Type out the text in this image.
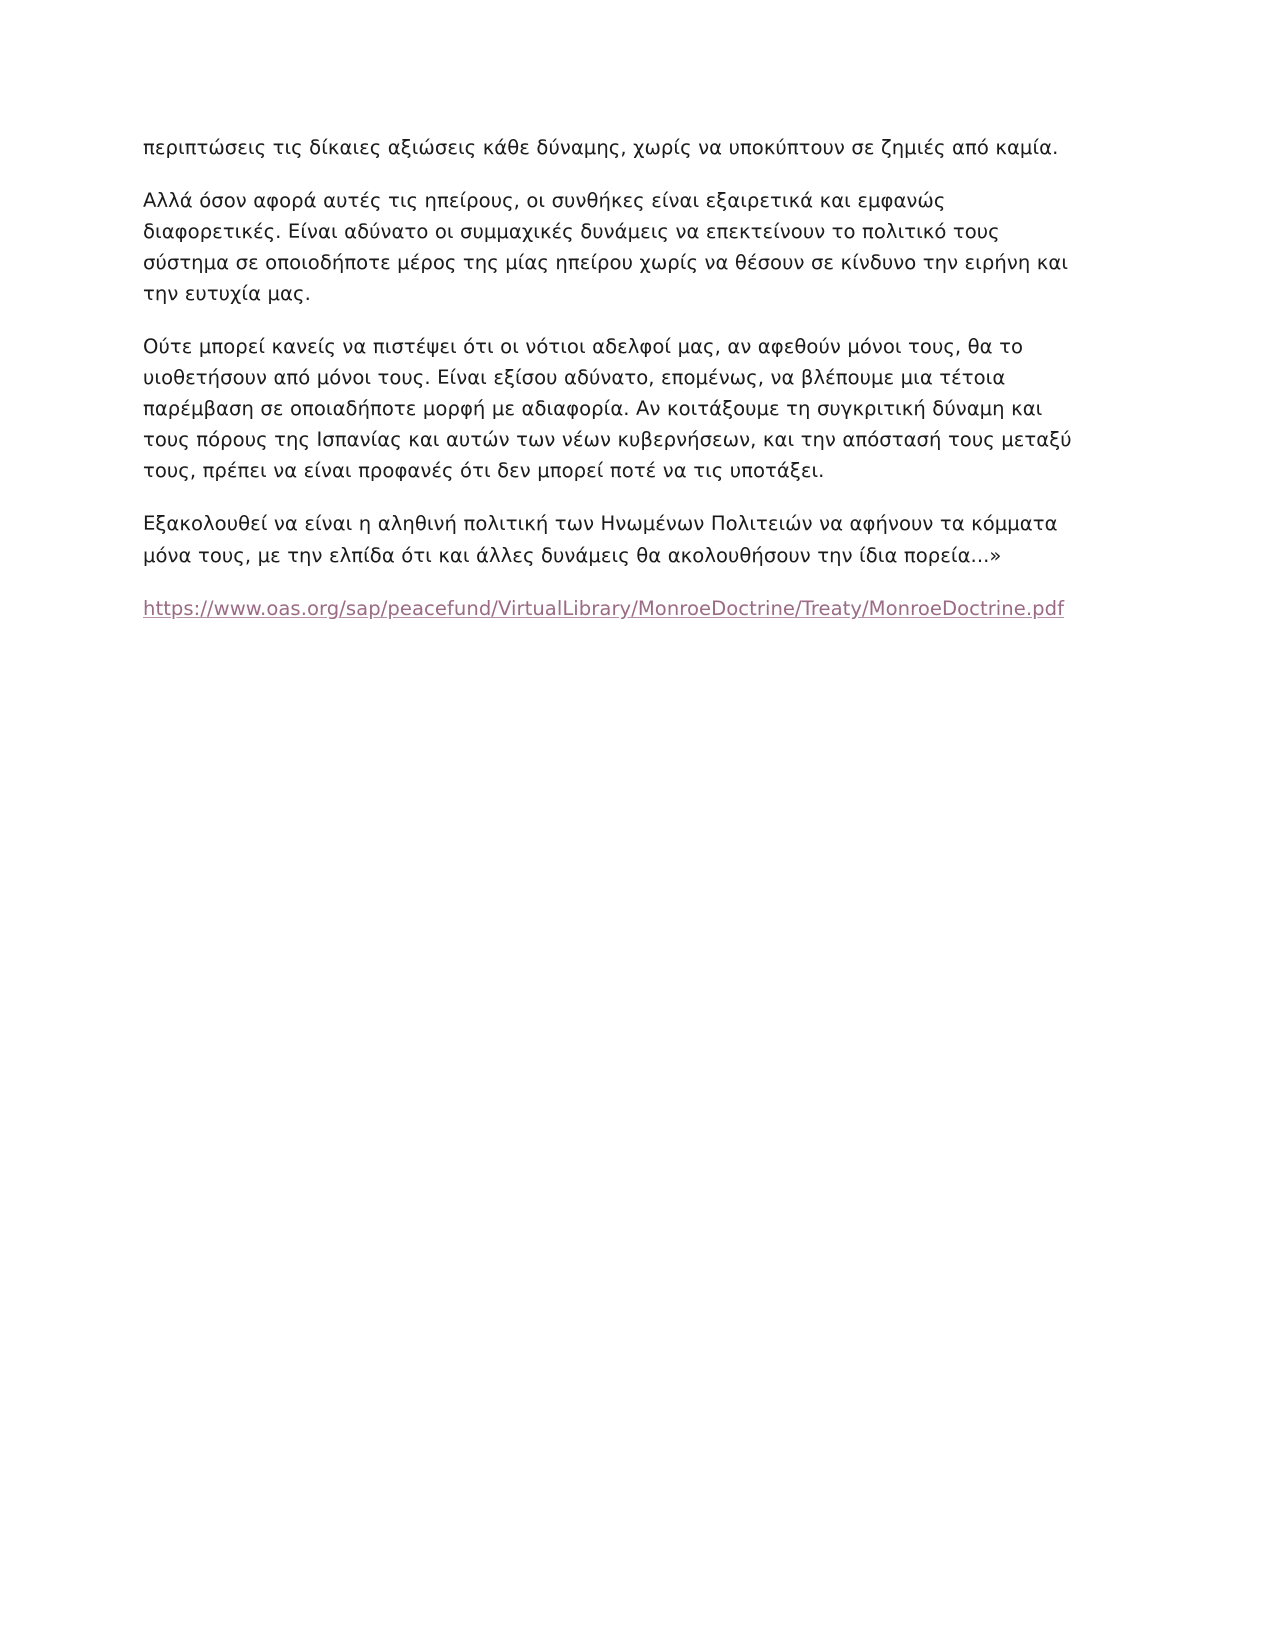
περιπτώσεις τις δίκαιες αξιώσεις κάθε δύναμης, χωρίς να υποκύπτουν σε ζημιές από καμία.

Αλλά όσον αφορά αυτές τις ηπείρους, οι συνθήκες είναι εξαιρετικά και εμφανώς διαφορετικές. Είναι αδύνατο οι συμμαχικές δυνάμεις να επεκτείνουν το πολιτικό τους σύστημα σε οποιοδήποτε μέρος της μίας ηπείρου χωρίς να θέσουν σε κίνδυνο την ειρήνη και την ευτυχία μας.

Ούτε μπορεί κανείς να πιστέψει ότι οι νότιοι αδελφοί μας, αν αφεθούν μόνοι τους, θα το υιοθετήσουν από μόνοι τους. Είναι εξίσου αδύνατο, επομένως, να βλέπουμε μια τέτοια παρέμβαση σε οποιαδήποτε μορφή με αδιαφορία. Αν κοιτάξουμε τη συγκριτική δύναμη και τους πόρους της Ισπανίας και αυτών των νέων κυβερνήσεων, και την απόστασή τους μεταξύ τους, πρέπει να είναι προφανές ότι δεν μπορεί ποτέ να τις υποτάξει.

Εξακολουθεί να είναι η αληθινή πολιτική των Ηνωμένων Πολιτειών να αφήνουν τα κόμματα μόνα τους, με την ελπίδα ότι και άλλες δυνάμεις θα ακολουθήσουν την ίδια πορεία...»

https://www.oas.org/sap/peacefund/VirtualLibrary/MonroeDoctrine/Treaty/MonroeDoctrine.pdf
